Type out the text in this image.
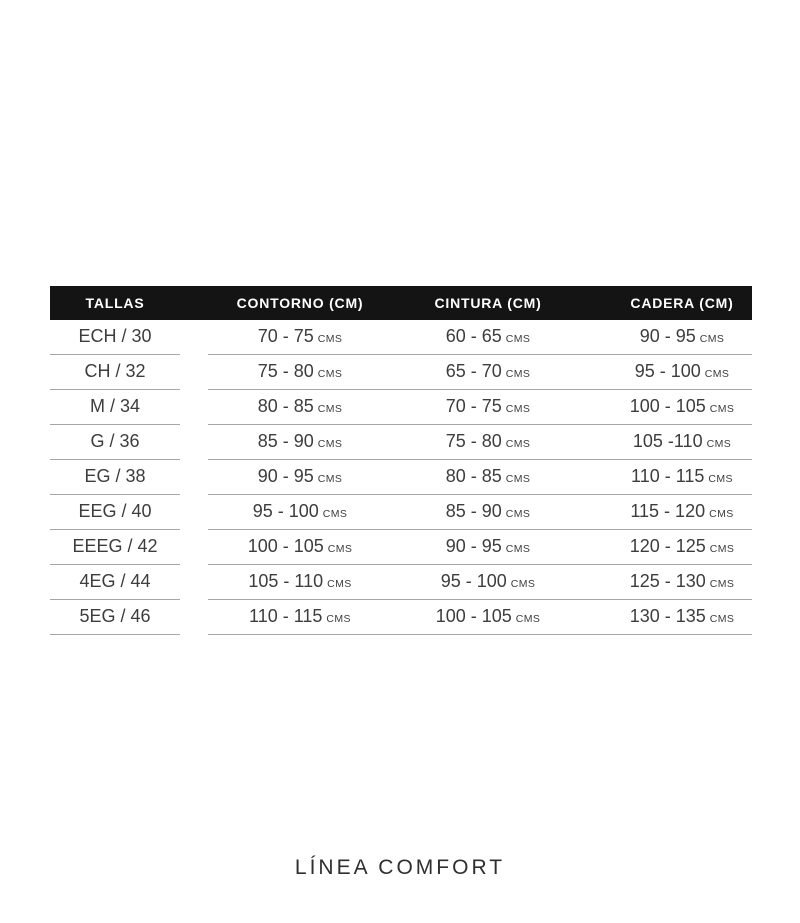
TALLAS	CONTORNO (CM)	CINTURA (CM)	CADERA (CM)
ECH / 30	70 - 75 CMS	60 - 65 CMS	90 - 95 CMS
CH / 32	75 - 80 CMS	65 - 70 CMS	95 - 100 CMS
M / 34	80 - 85 CMS	70 - 75 CMS	100 - 105 CMS
G / 36	85 - 90 CMS	75 - 80 CMS	105 -110 CMS
EG / 38	90 - 95 CMS	80 - 85 CMS	110 - 115 CMS
EEG / 40	95 - 100 CMS	85 - 90 CMS	115 - 120 CMS
EEEG / 42	100 - 105 CMS	90 - 95 CMS	120 - 125 CMS
4EG / 44	105 - 110 CMS	95 - 100 CMS	125 - 130 CMS
5EG / 46	110 - 115 CMS	100 - 105 CMS	130 - 135 CMS
LÍNEA COMFORT
